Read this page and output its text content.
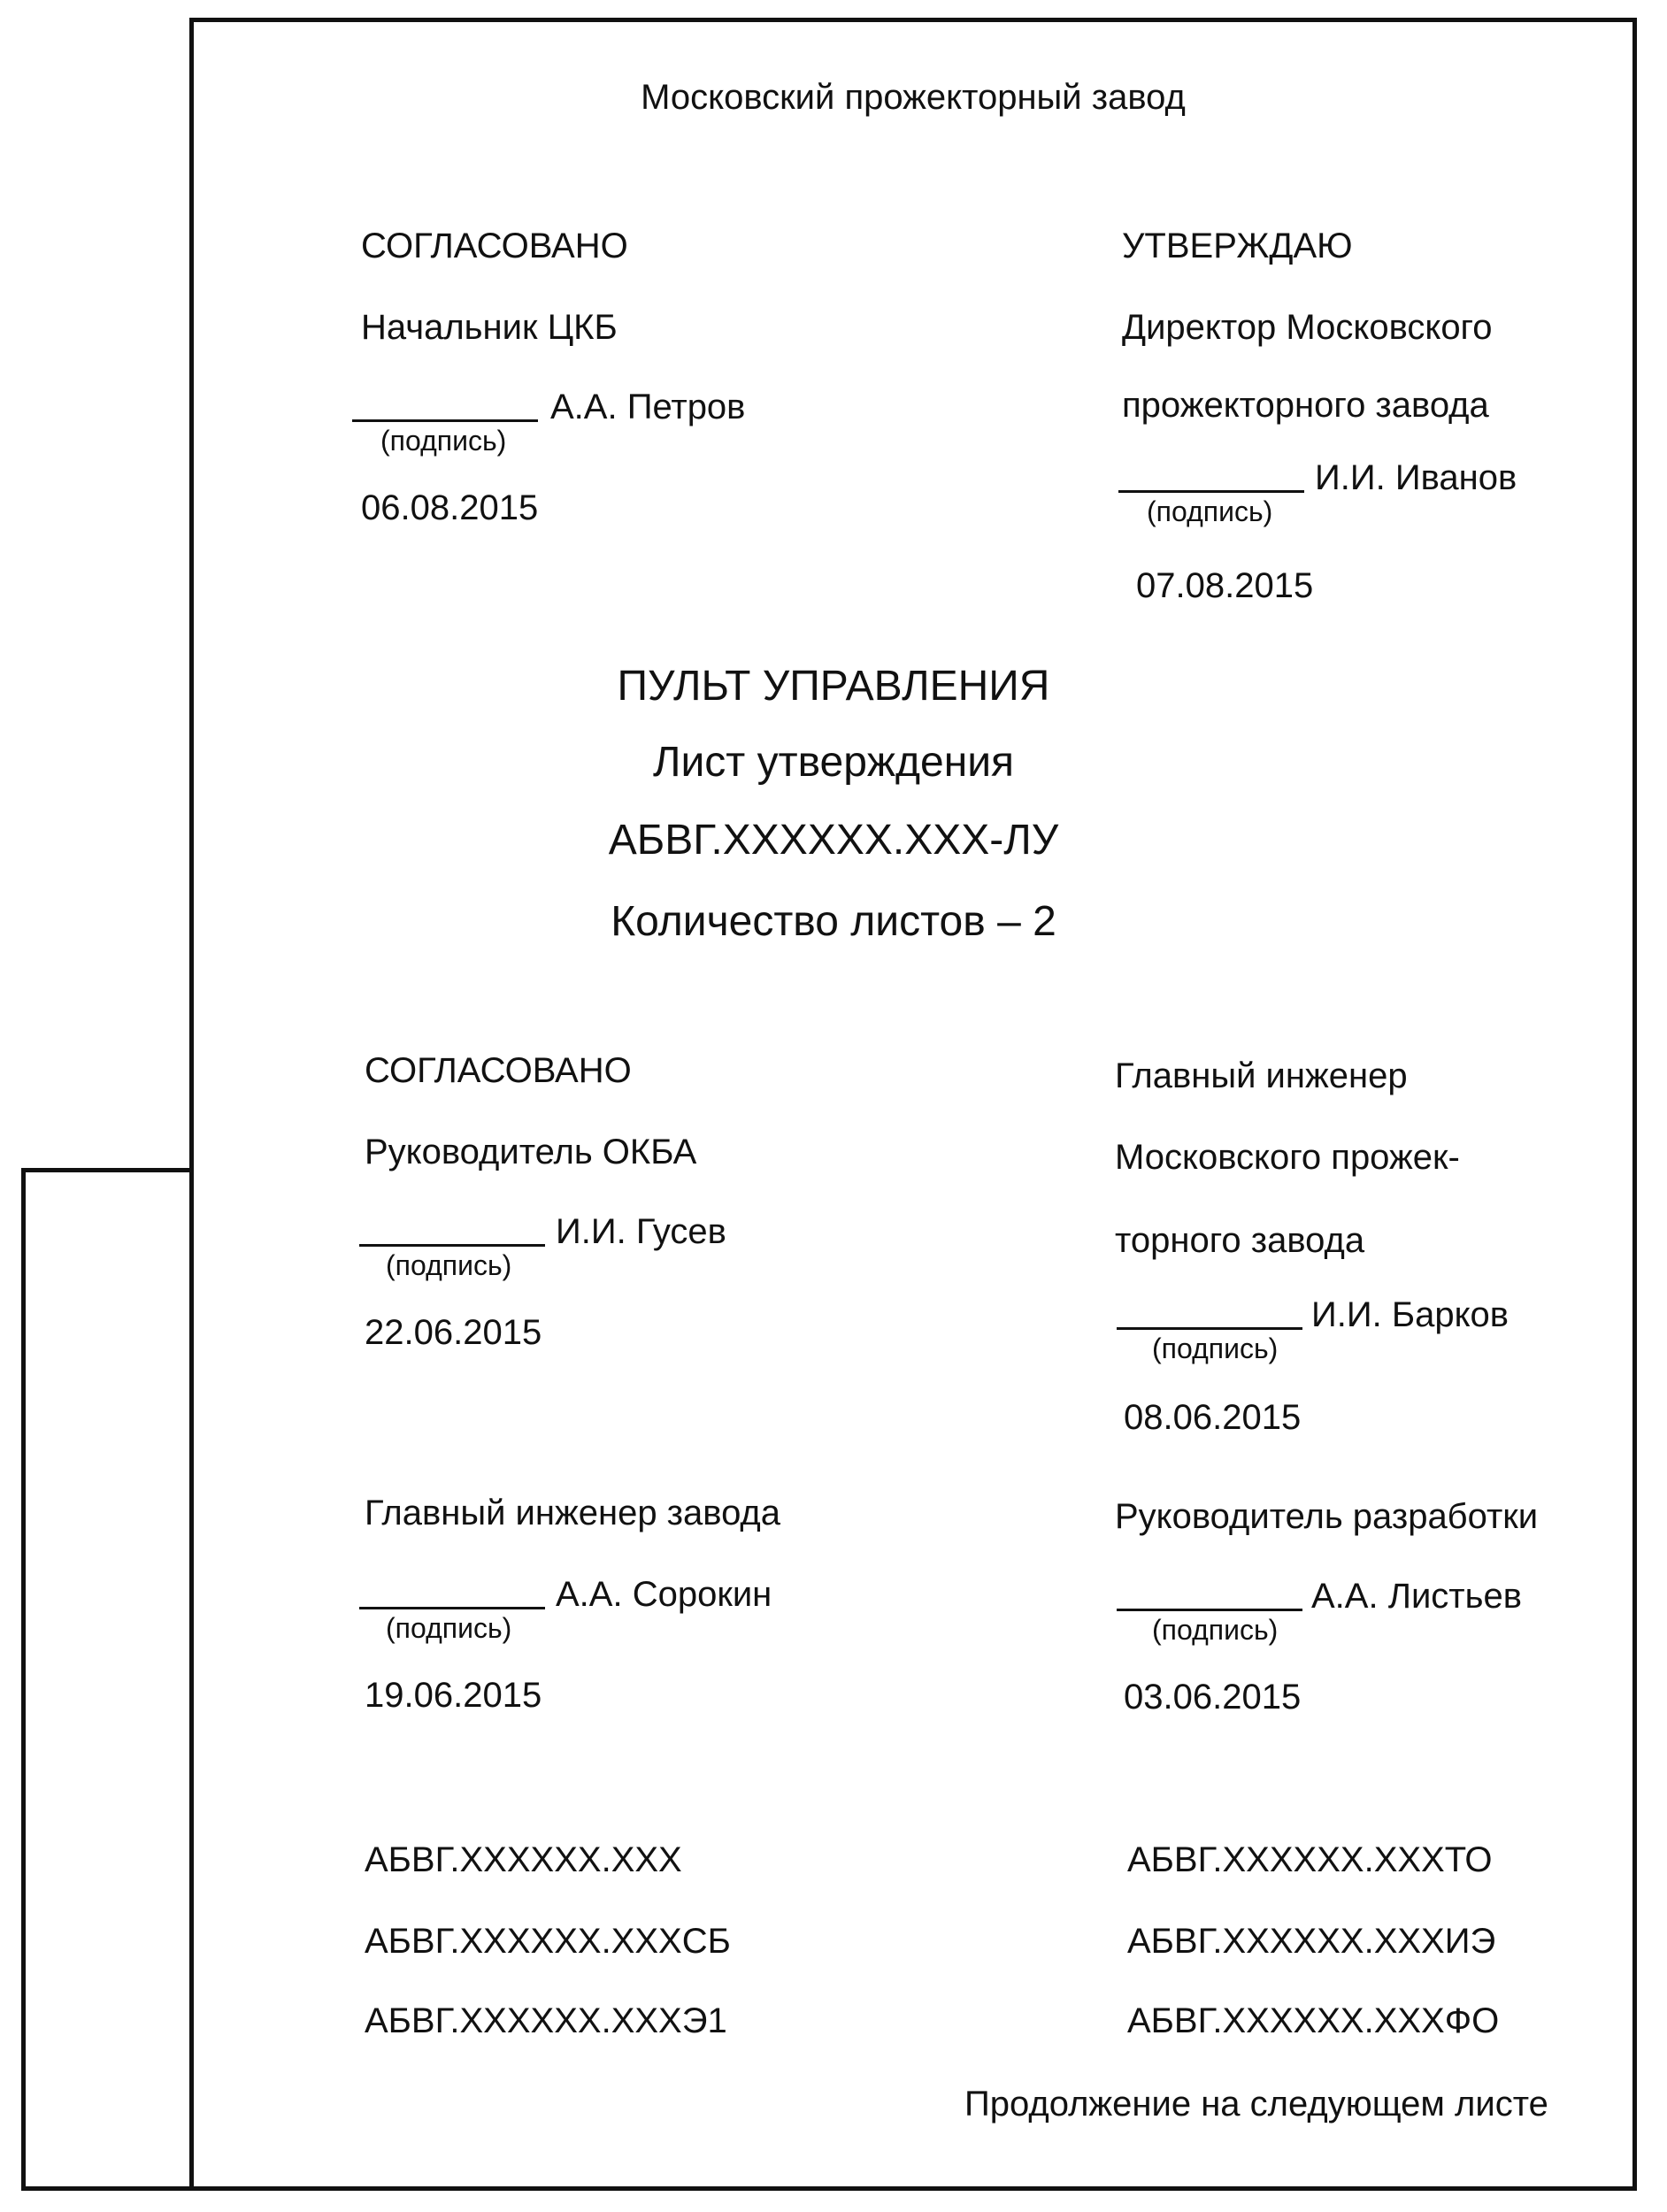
Московский прожекторный завод
СОГЛАСОВАНО
Начальник ЦКБ
А.А. Петров
(подпись)
06.08.2015
УТВЕРЖДАЮ
Директор Московского
прожекторного завода
И.И. Иванов
(подпись)
07.08.2015
ПУЛЬТ УПРАВЛЕНИЯ
Лист утверждения
АБВГ.XXXXXX.XXX-ЛУ
Количество листов – 2
СОГЛАСОВАНО
Руководитель ОКБА
И.И. Гусев
(подпись)
22.06.2015
Главный инженер
Московского прожек-
торного завода
И.И. Барков
(подпись)
08.06.2015
Главный инженер завода
А.А. Сорокин
(подпись)
19.06.2015
Руководитель разработки
А.А. Листьев
(подпись)
03.06.2015
АБВГ.XXXXXX.XXX
АБВГ.XXXXXX.XXXСБ
АБВГ.XXXXXX.XXXЭ1
АБВГ.XXXXXX.XXXТО
АБВГ.XXXXXX.XXXИЭ
АБВГ.XXXXXX.XXXФО
Продолжение на следующем листе
